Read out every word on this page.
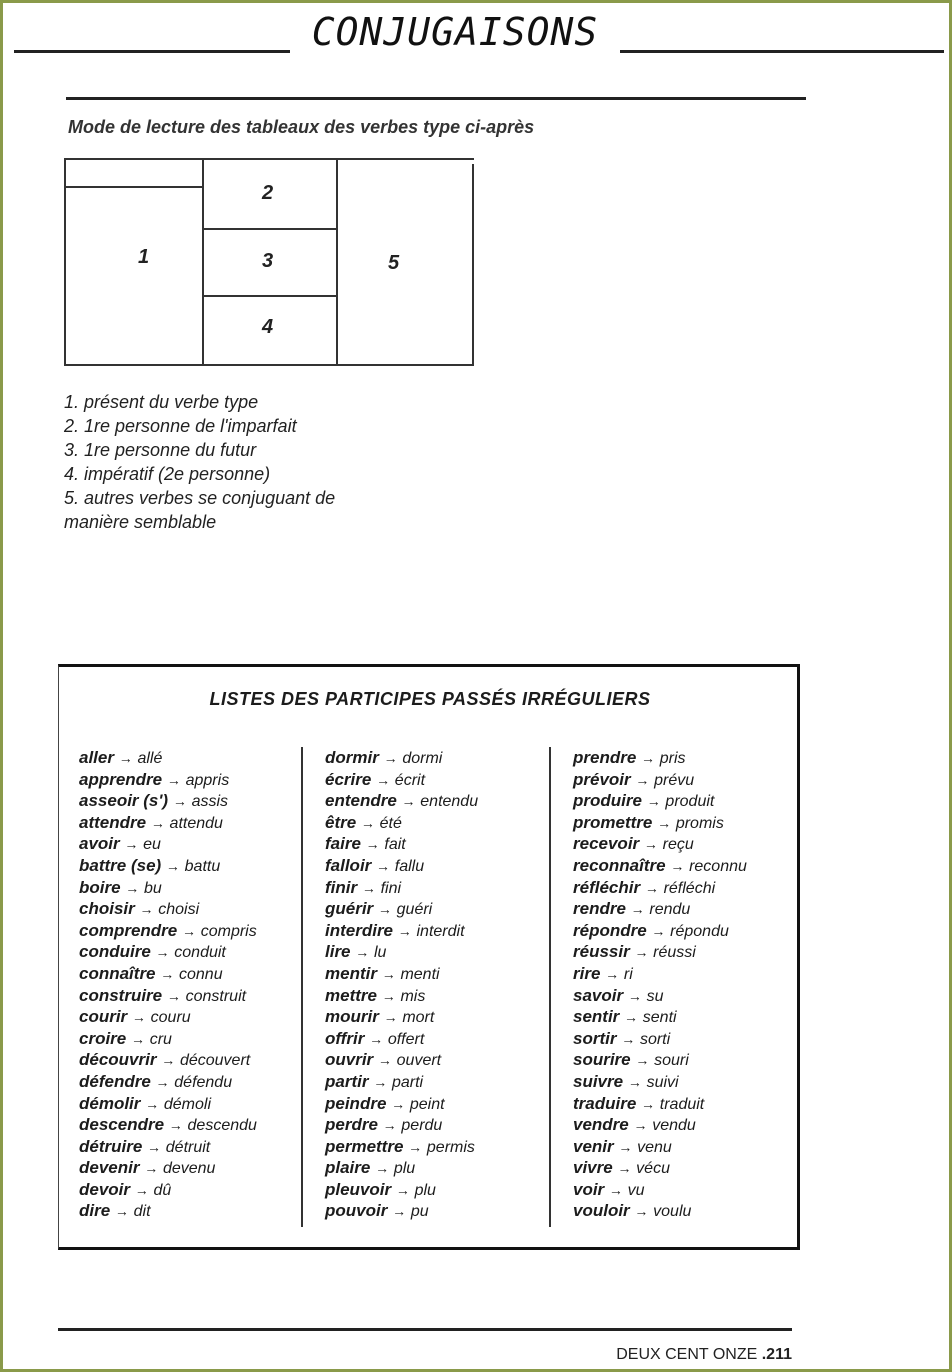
CONJUGAISONS
Mode de lecture des tableaux des verbes type ci-après
1
2
3
4
5
1. présent du verbe type
2. 1re personne de l'imparfait
3. 1re personne du futur
4. impératif (2e personne)
5. autres verbes se conjuguant de
manière semblable
LISTES DES PARTICIPES PASSÉS IRRÉGULIERS
aller → allé
apprendre → appris
asseoir (s') → assis
attendre → attendu
avoir → eu
battre (se) → battu
boire → bu
choisir → choisi
comprendre → compris
conduire → conduit
connaître → connu
construire → construit
courir → couru
croire → cru
découvrir → découvert
défendre → défendu
démolir → démoli
descendre → descendu
détruire → détruit
devenir → devenu
devoir → dû
dire → dit
dormir → dormi
écrire → écrit
entendre → entendu
être → été
faire → fait
falloir → fallu
finir → fini
guérir → guéri
interdire → interdit
lire → lu
mentir → menti
mettre → mis
mourir → mort
offrir → offert
ouvrir → ouvert
partir → parti
peindre → peint
perdre → perdu
permettre → permis
plaire → plu
pleuvoir → plu
pouvoir → pu
prendre → pris
prévoir → prévu
produire → produit
promettre → promis
recevoir → reçu
reconnaître → reconnu
réfléchir → réfléchi
rendre → rendu
répondre → répondu
réussir → réussi
rire → ri
savoir → su
sentir → senti
sortir → sorti
sourire → souri
suivre → suivi
traduire → traduit
vendre → vendu
venir → venu
vivre → vécu
voir → vu
vouloir → voulu
DEUX CENT ONZE .211
